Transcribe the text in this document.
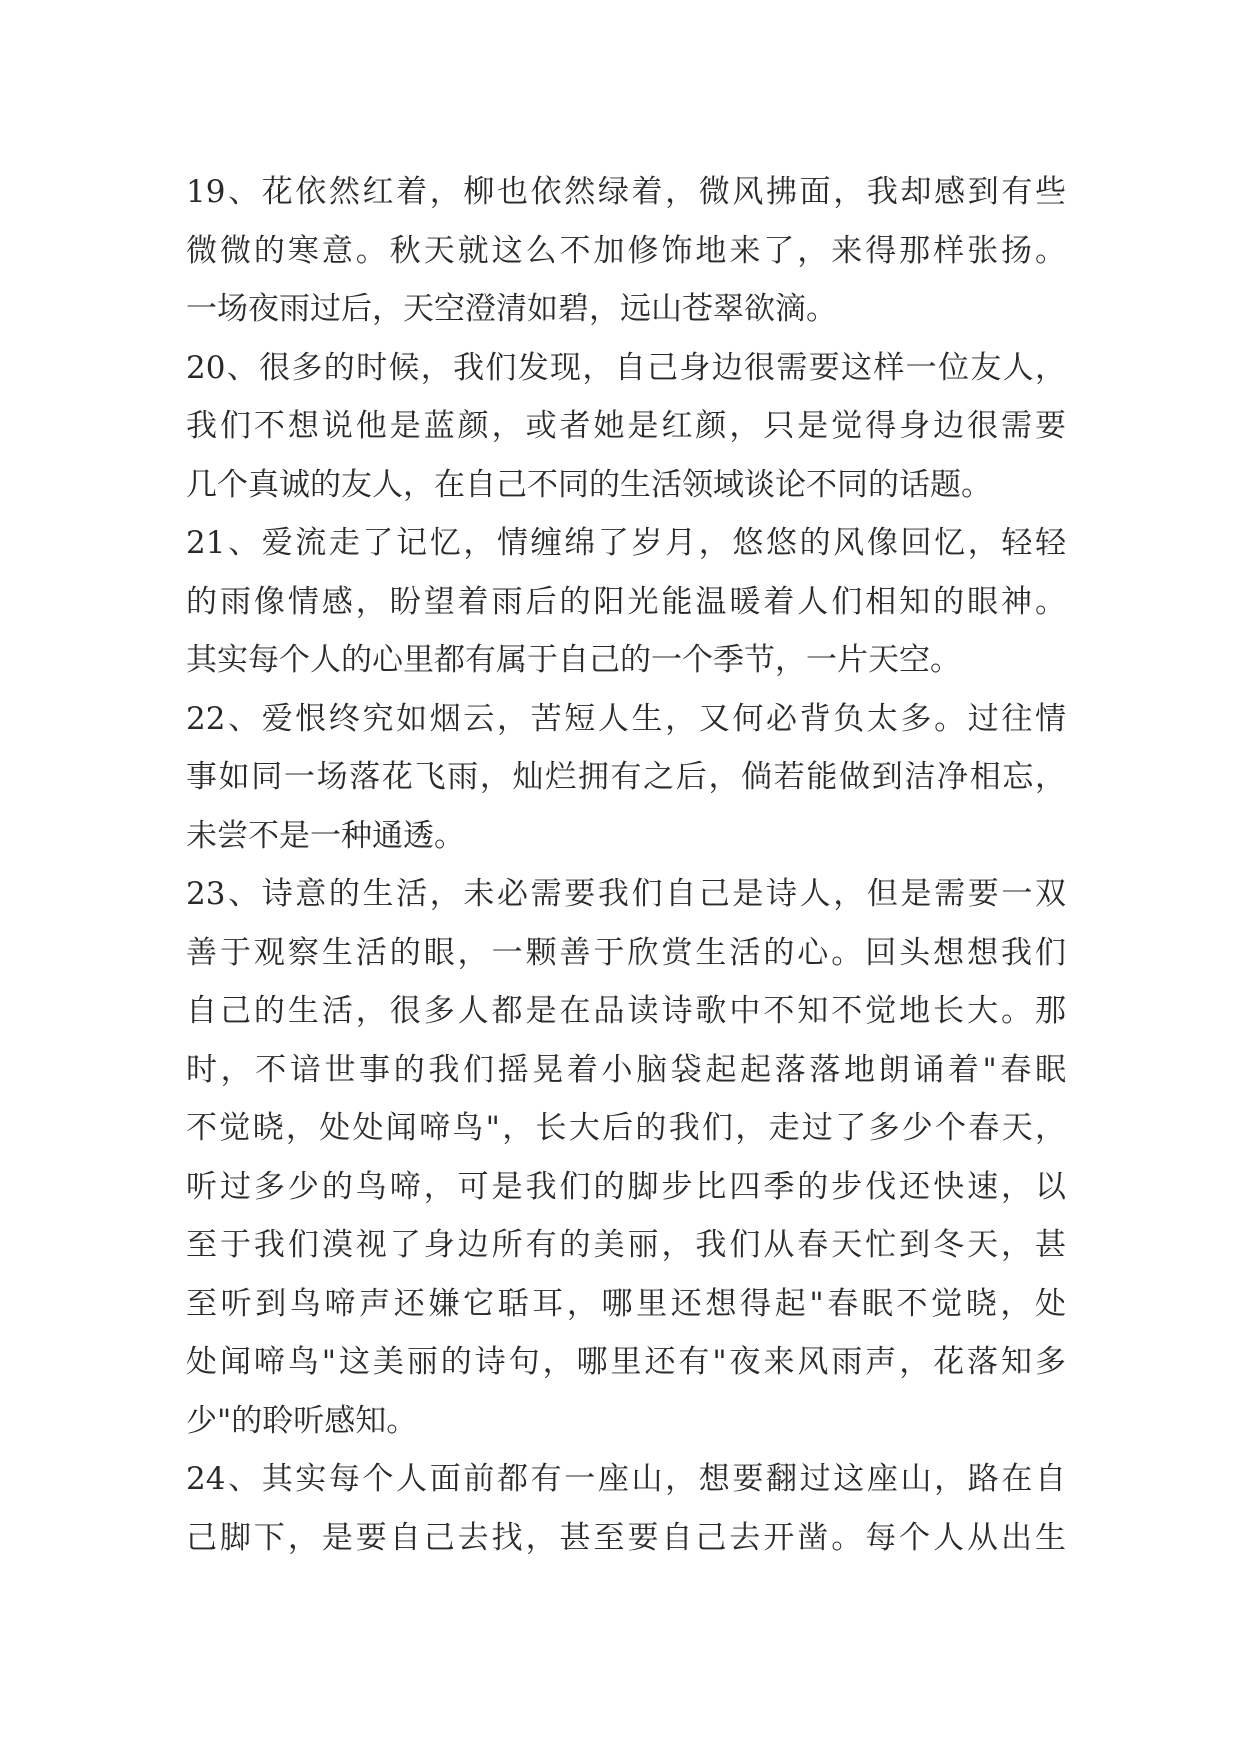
19、花依然红着，柳也依然绿着，微风拂面，我却感到有些
微微的寒意。秋天就这么不加修饰地来了，来得那样张扬。
一场夜雨过后，天空澄清如碧，远山苍翠欲滴。
20、很多的时候，我们发现，自己身边很需要这样一位友人，
我们不想说他是蓝颜，或者她是红颜，只是觉得身边很需要
几个真诚的友人，在自己不同的生活领域谈论不同的话题。
21、爱流走了记忆，情缠绵了岁月，悠悠的风像回忆，轻轻
的雨像情感，盼望着雨后的阳光能温暖着人们相知的眼神。
其实每个人的心里都有属于自己的一个季节，一片天空。
22、爱恨终究如烟云，苦短人生，又何必背负太多。过往情
事如同一场落花飞雨，灿烂拥有之后，倘若能做到洁净相忘，
未尝不是一种通透。
23、诗意的生活，未必需要我们自己是诗人，但是需要一双
善于观察生活的眼，一颗善于欣赏生活的心。回头想想我们
自己的生活，很多人都是在品读诗歌中不知不觉地长大。那
时，不谙世事的我们摇晃着小脑袋起起落落地朗诵着"春眠
不觉晓，处处闻啼鸟"，长大后的我们，走过了多少个春天，
听过多少的鸟啼，可是我们的脚步比四季的步伐还快速，以
至于我们漠视了身边所有的美丽，我们从春天忙到冬天，甚
至听到鸟啼声还嫌它聒耳，哪里还想得起"春眠不觉晓，处
处闻啼鸟"这美丽的诗句，哪里还有"夜来风雨声，花落知多
少"的聆听感知。
24、其实每个人面前都有一座山，想要翻过这座山，路在自
己脚下，是要自己去找，甚至要自己去开凿。每个人从出生
